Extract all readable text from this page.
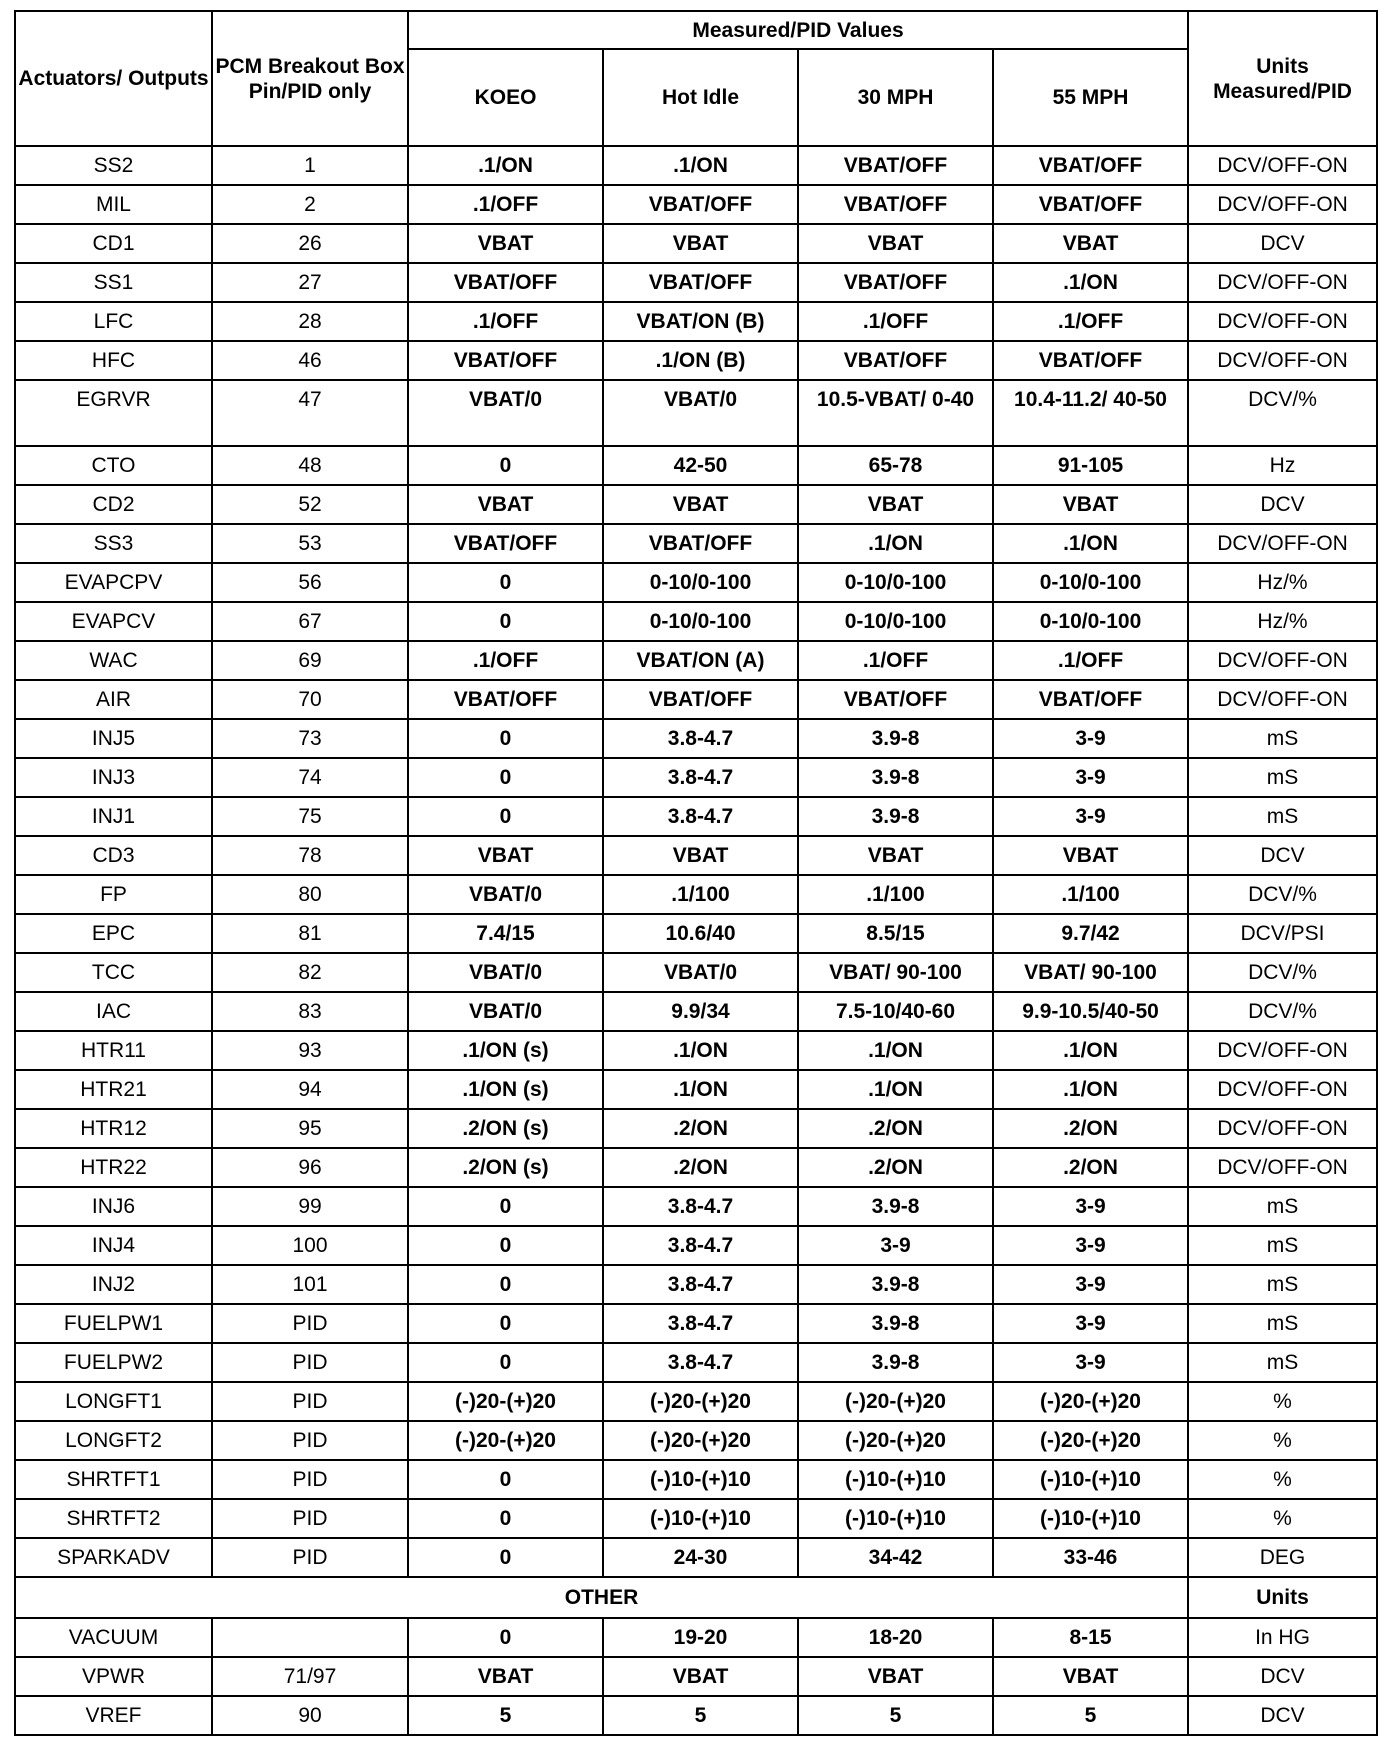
Actuators/ Outputs	PCM Breakout Box Pin/PID only	Measured/PID Values				Units Measured/PID
		KOEO	Hot Idle	30 MPH	55 MPH	
SS2	1	.1/ON	.1/ON	VBAT/OFF	VBAT/OFF	DCV/OFF-ON
MIL	2	.1/OFF	VBAT/OFF	VBAT/OFF	VBAT/OFF	DCV/OFF-ON
CD1	26	VBAT	VBAT	VBAT	VBAT	DCV
SS1	27	VBAT/OFF	VBAT/OFF	VBAT/OFF	.1/ON	DCV/OFF-ON
LFC	28	.1/OFF	VBAT/ON (B)	.1/OFF	.1/OFF	DCV/OFF-ON
HFC	46	VBAT/OFF	.1/ON (B)	VBAT/OFF	VBAT/OFF	DCV/OFF-ON
EGRVR	47	VBAT/0	VBAT/0	10.5-VBAT/ 0-40	10.4-11.2/ 40-50	DCV/%
CTO	48	0	42-50	65-78	91-105	Hz
CD2	52	VBAT	VBAT	VBAT	VBAT	DCV
SS3	53	VBAT/OFF	VBAT/OFF	.1/ON	.1/ON	DCV/OFF-ON
EVAPCPV	56	0	0-10/0-100	0-10/0-100	0-10/0-100	Hz/%
EVAPCV	67	0	0-10/0-100	0-10/0-100	0-10/0-100	Hz/%
WAC	69	.1/OFF	VBAT/ON (A)	.1/OFF	.1/OFF	DCV/OFF-ON
AIR	70	VBAT/OFF	VBAT/OFF	VBAT/OFF	VBAT/OFF	DCV/OFF-ON
INJ5	73	0	3.8-4.7	3.9-8	3-9	mS
INJ3	74	0	3.8-4.7	3.9-8	3-9	mS
INJ1	75	0	3.8-4.7	3.9-8	3-9	mS
CD3	78	VBAT	VBAT	VBAT	VBAT	DCV
FP	80	VBAT/0	.1/100	.1/100	.1/100	DCV/%
EPC	81	7.4/15	10.6/40	8.5/15	9.7/42	DCV/PSI
TCC	82	VBAT/0	VBAT/0	VBAT/ 90-100	VBAT/ 90-100	DCV/%
IAC	83	VBAT/0	9.9/34	7.5-10/40-60	9.9-10.5/40-50	DCV/%
HTR11	93	.1/ON (s)	.1/ON	.1/ON	.1/ON	DCV/OFF-ON
HTR21	94	.1/ON (s)	.1/ON	.1/ON	.1/ON	DCV/OFF-ON
HTR12	95	.2/ON (s)	.2/ON	.2/ON	.2/ON	DCV/OFF-ON
HTR22	96	.2/ON (s)	.2/ON	.2/ON	.2/ON	DCV/OFF-ON
INJ6	99	0	3.8-4.7	3.9-8	3-9	mS
INJ4	100	0	3.8-4.7	3-9	3-9	mS
INJ2	101	0	3.8-4.7	3.9-8	3-9	mS
FUELPW1	PID	0	3.8-4.7	3.9-8	3-9	mS
FUELPW2	PID	0	3.8-4.7	3.9-8	3-9	mS
LONGFT1	PID	(-)20-(+)20	(-)20-(+)20	(-)20-(+)20	(-)20-(+)20	%
LONGFT2	PID	(-)20-(+)20	(-)20-(+)20	(-)20-(+)20	(-)20-(+)20	%
SHRTFT1	PID	0	(-)10-(+)10	(-)10-(+)10	(-)10-(+)10	%
SHRTFT2	PID	0	(-)10-(+)10	(-)10-(+)10	(-)10-(+)10	%
SPARKADV	PID	0	24-30	34-42	33-46	DEG
OTHER						Units
VACUUM		0	19-20	18-20	8-15	In HG
VPWR	71/97	VBAT	VBAT	VBAT	VBAT	DCV
VREF	90	5	5	5	5	DCV
